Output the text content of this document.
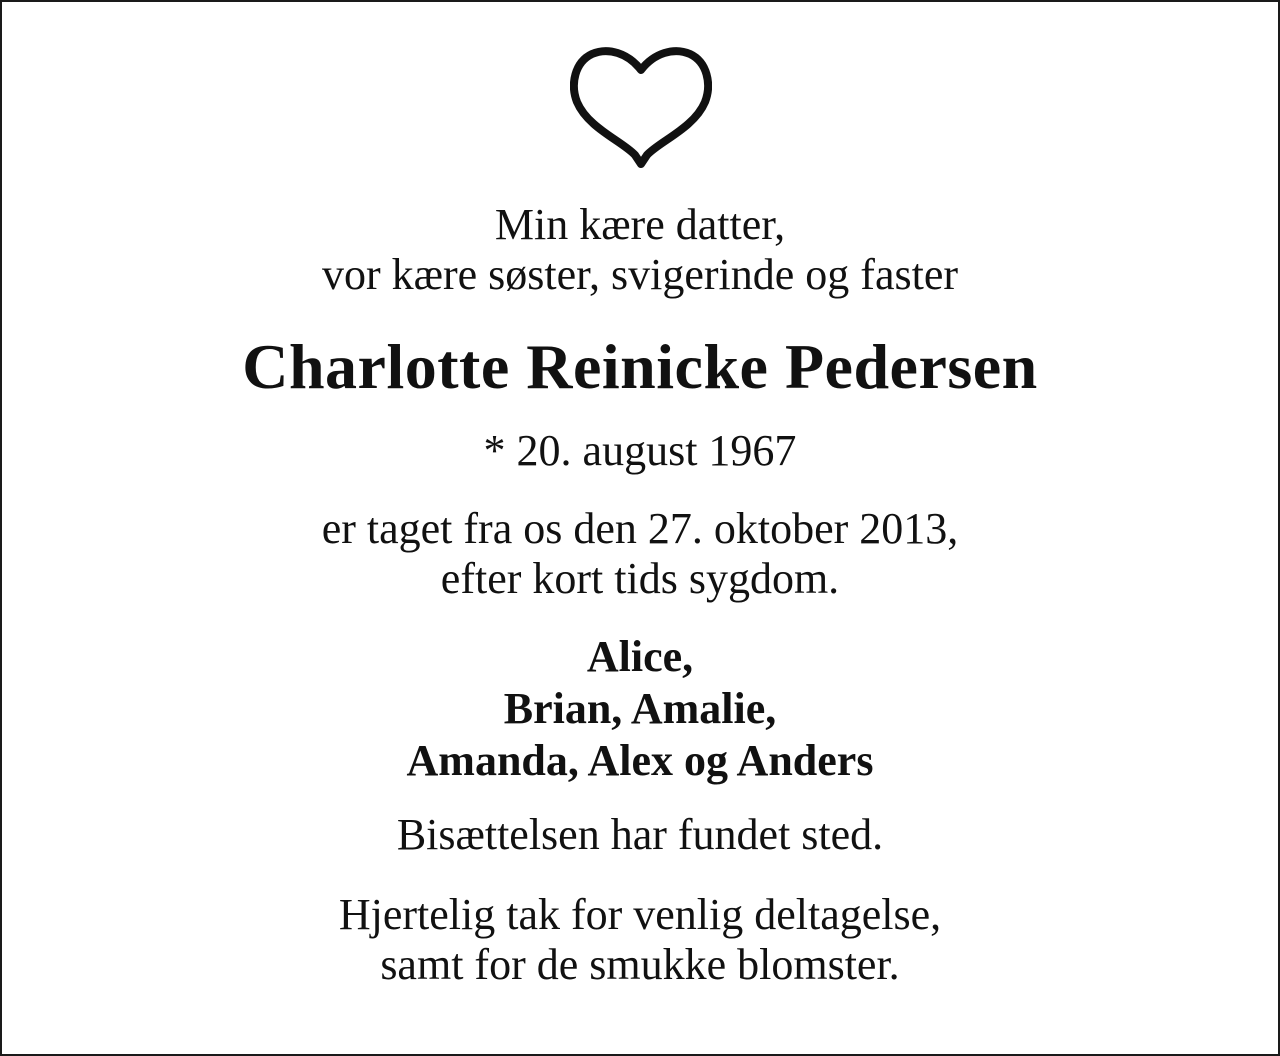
Min kære datter,
vor kære søster, svigerinde og faster
Charlotte Reinicke Pedersen
* 20. august 1967
er taget fra os den 27. oktober 2013,
efter kort tids sygdom.
Alice,
Brian, Amalie,
Amanda, Alex og Anders
Bisættelsen har fundet sted.
Hjertelig tak for venlig deltagelse,
samt for de smukke blomster.
